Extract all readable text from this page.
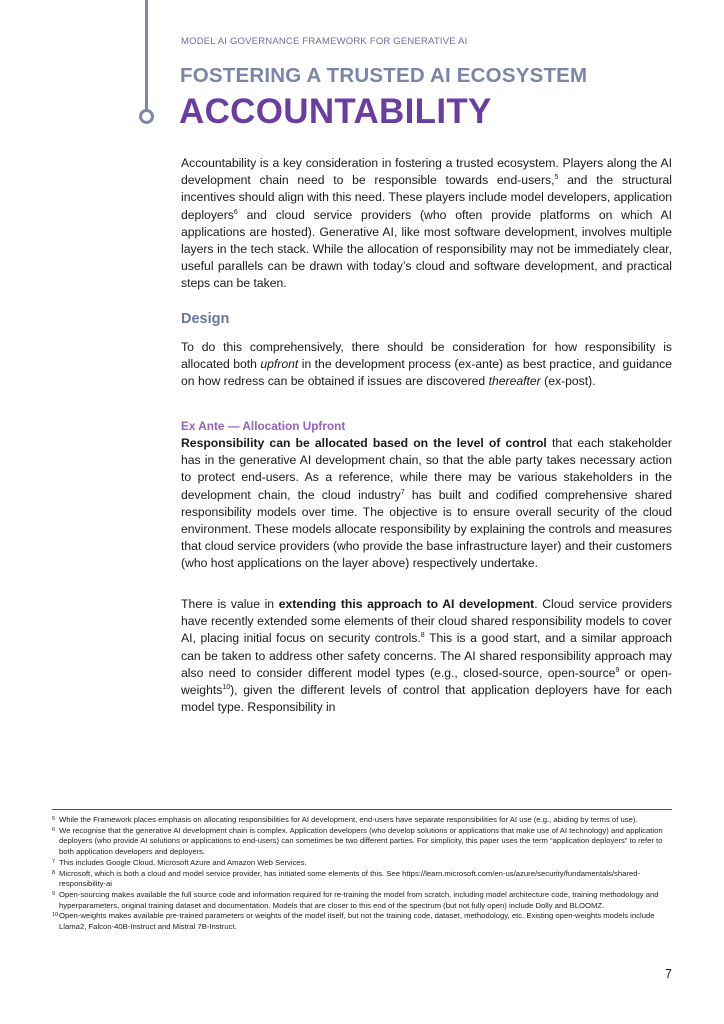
MODEL AI GOVERNANCE FRAMEWORK FOR GENERATIVE AI
FOSTERING A TRUSTED AI ECOSYSTEM
ACCOUNTABILITY

Accountability is a key consideration in fostering a trusted ecosystem. Players along the AI development chain need to be responsible towards end-users,$^5$ and the structural incentives should align with this need. These players include model developers, application deployers$^6$ and cloud service providers (who often provide platforms on which AI applications are hosted). Generative AI, like most software development, involves multiple layers in the tech stack. While the allocation of responsibility may not be immediately clear, useful parallels can be drawn with today’s cloud and software development, and practical steps can be taken.

Design

To do this comprehensively, there should be consideration for how responsibility is allocated both upfront in the development process (ex-ante) as best practice, and guidance on how redress can be obtained if issues are discovered thereafter (ex-post).

Ex Ante — Allocation Upfront

Responsibility can be allocated based on the level of control that each stakeholder has in the generative AI development chain, so that the able party takes necessary action to protect end-users. As a reference, while there may be various stakeholders in the development chain, the cloud industry$^7$ has built and codified comprehensive shared responsibility models over time. The objective is to ensure overall security of the cloud environment. These models allocate responsibility by explaining the controls and measures that cloud service providers (who provide the base infrastructure layer) and their customers (who host applications on the layer above) respectively undertake.

There is value in extending this approach to AI development. Cloud service providers have recently extended some elements of their cloud shared responsibility models to cover AI, placing initial focus on security controls.$^8$ This is a good start, and a similar approach can be taken to address other safety concerns. The AI shared responsibility approach may also need to consider different model types (e.g., closed-source, open-source$^9$ or open-weights$^{10}$), given the different levels of control that application deployers have for each model type. Responsibility in

5 While the Framework places emphasis on allocating responsibilities for AI development, end-users have separate responsibilities for AI use (e.g., abiding by terms of use).
6 We recognise that the generative AI development chain is complex. Application developers (who develop solutions or applications that make use of AI technology) and application deployers (who provide AI solutions or applications to end-users) can sometimes be two different parties. For simplicity, this paper uses the term “application deployers” to refer to both application developers and deployers.
7 This includes Google Cloud, Microsoft Azure and Amazon Web Services.
8 Microsoft, which is both a cloud and model service provider, has initiated some elements of this. See https://learn.microsoft.com/en-us/azure/security/fundamentals/shared-responsibility-ai
9 Open-sourcing makes available the full source code and information required for re-training the model from scratch, including model architecture code, training methodology and hyperparameters, original training dataset and documentation. Models that are closer to this end of the spectrum (but not fully open) include Dolly and BLOOMZ.
10 Open-weights makes available pre-trained parameters or weights of the model itself, but not the training code, dataset, methodology, etc. Existing open-weights models include Llama2, Falcon-40B-Instruct and Mistral 7B-Instruct.
7
